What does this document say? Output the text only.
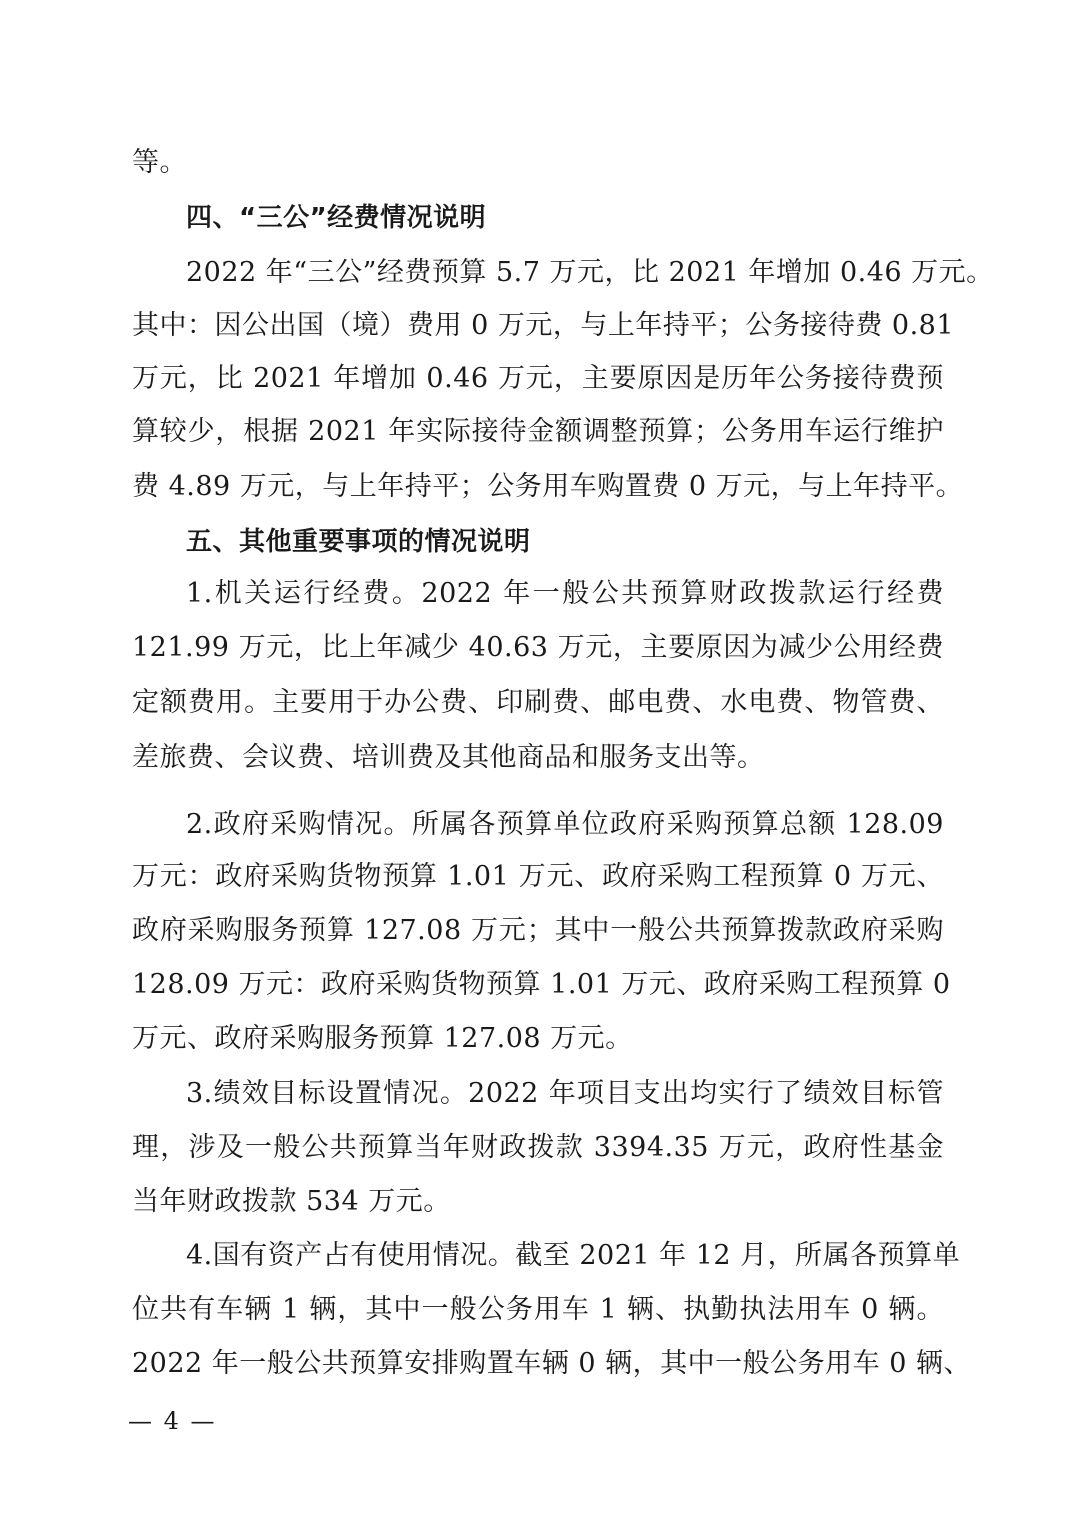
等。
四、“三公”经费情况说明
2022 年“三公”经费预算 5.7 万元，比 2021 年增加 0.46 万元。
其中：因公出国（境）费用 0 万元，与上年持平；公务接待费 0.81
万元，比 2021 年增加 0.46 万元，主要原因是历年公务接待费预
算较少，根据 2021 年实际接待金额调整预算；公务用车运行维护
费 4.89 万元，与上年持平；公务用车购置费 0 万元，与上年持平。
五、其他重要事项的情况说明
1.机关运行经费。2022 年一般公共预算财政拨款运行经费
121.99 万元，比上年减少 40.63 万元，主要原因为减少公用经费
定额费用。主要用于办公费、印刷费、邮电费、水电费、物管费、
差旅费、会议费、培训费及其他商品和服务支出等。
2.政府采购情况。所属各预算单位政府采购预算总额 128.09
万元：政府采购货物预算 1.01 万元、政府采购工程预算 0 万元、
政府采购服务预算 127.08 万元；其中一般公共预算拨款政府采购
128.09 万元：政府采购货物预算 1.01 万元、政府采购工程预算 0
万元、政府采购服务预算 127.08 万元。
3.绩效目标设置情况。2022 年项目支出均实行了绩效目标管
理，涉及一般公共预算当年财政拨款 3394.35 万元，政府性基金
当年财政拨款 534 万元。
4.国有资产占有使用情况。截至 2021 年 12 月，所属各预算单
位共有车辆 1 辆，其中一般公务用车 1 辆、执勤执法用车 0 辆。
2022 年一般公共预算安排购置车辆 0 辆，其中一般公务用车 0 辆、
— 4 —
